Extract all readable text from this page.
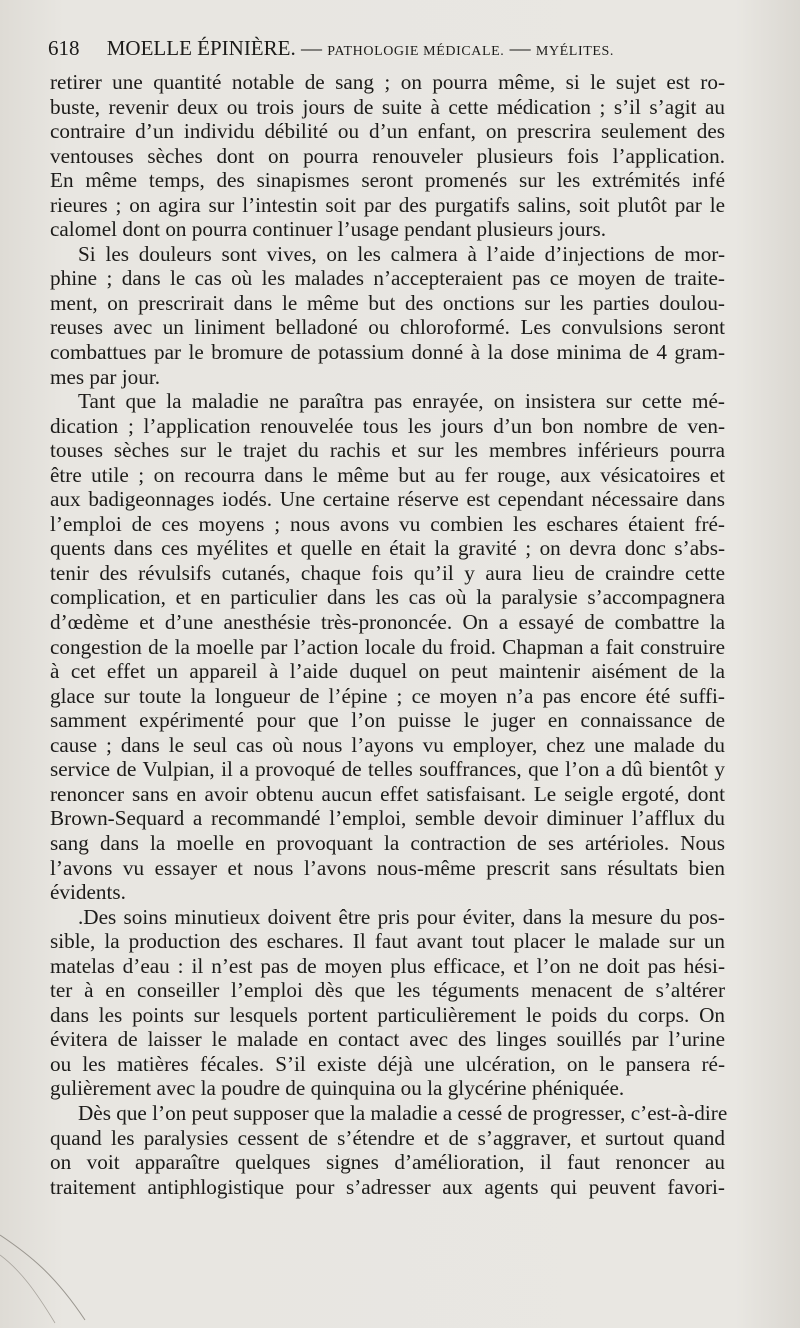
618 MOELLE ÉPINIÈRE. — PATHOLOGIE MÉDICALE. — MYÉLITES.
retirer une quantité notable de sang ; on pourra même, si le sujet est ro-
buste, revenir deux ou trois jours de suite à cette médication ; s’il s’agit au
contraire d’un individu débilité ou d’un enfant, on prescrira seulement des
ventouses sèches dont on pourra renouveler plusieurs fois l’application.
En même temps, des sinapismes seront promenés sur les extrémités infé
rieures ; on agira sur l’intestin soit par des purgatifs salins, soit plutôt par le
calomel dont on pourra continuer l’usage pendant plusieurs jours.
Si les douleurs sont vives, on les calmera à l’aide d’injections de mor-
phine ; dans le cas où les malades n’accepteraient pas ce moyen de traite-
ment, on prescrirait dans le même but des onctions sur les parties doulou-
reuses avec un liniment belladoné ou chloroformé. Les convulsions seront
combattues par le bromure de potassium donné à la dose minima de 4 gram-
mes par jour.
Tant que la maladie ne paraîtra pas enrayée, on insistera sur cette mé-
dication ; l’application renouvelée tous les jours d’un bon nombre de ven-
touses sèches sur le trajet du rachis et sur les membres inférieurs pourra
être utile ; on recourra dans le même but au fer rouge, aux vésicatoires et
aux badigeonnages iodés. Une certaine réserve est cependant nécessaire dans
l’emploi de ces moyens ; nous avons vu combien les eschares étaient fré-
quents dans ces myélites et quelle en était la gravité ; on devra donc s’abs-
tenir des révulsifs cutanés, chaque fois qu’il y aura lieu de craindre cette
complication, et en particulier dans les cas où la paralysie s’accompagnera
d’œdème et d’une anesthésie très-prononcée. On a essayé de combattre la
congestion de la moelle par l’action locale du froid. Chapman a fait construire
à cet effet un appareil à l’aide duquel on peut maintenir aisément de la
glace sur toute la longueur de l’épine ; ce moyen n’a pas encore été suffi-
samment expérimenté pour que l’on puisse le juger en connaissance de
cause ; dans le seul cas où nous l’ayons vu employer, chez une malade du
service de Vulpian, il a provoqué de telles souffrances, que l’on a dû bientôt y
renoncer sans en avoir obtenu aucun effet satisfaisant. Le seigle ergoté, dont
Brown-Sequard a recommandé l’emploi, semble devoir diminuer l’afflux du
sang dans la moelle en provoquant la contraction de ses artérioles. Nous
l’avons vu essayer et nous l’avons nous-même prescrit sans résultats bien
évidents.
.Des soins minutieux doivent être pris pour éviter, dans la mesure du pos-
sible, la production des eschares. Il faut avant tout placer le malade sur un
matelas d’eau : il n’est pas de moyen plus efficace, et l’on ne doit pas hési-
ter à en conseiller l’emploi dès que les téguments menacent de s’altérer
dans les points sur lesquels portent particulièrement le poids du corps. On
évitera de laisser le malade en contact avec des linges souillés par l’urine
ou les matières fécales. S’il existe déjà une ulcération, on le pansera ré-
gulièrement avec la poudre de quinquina ou la glycérine phéniquée.
Dès que l’on peut supposer que la maladie a cessé de progresser, c’est-à-dire
quand les paralysies cessent de s’étendre et de s’aggraver, et surtout quand
on voit apparaître quelques signes d’amélioration, il faut renoncer au
traitement antiphlogistique pour s’adresser aux agents qui peuvent favori-
